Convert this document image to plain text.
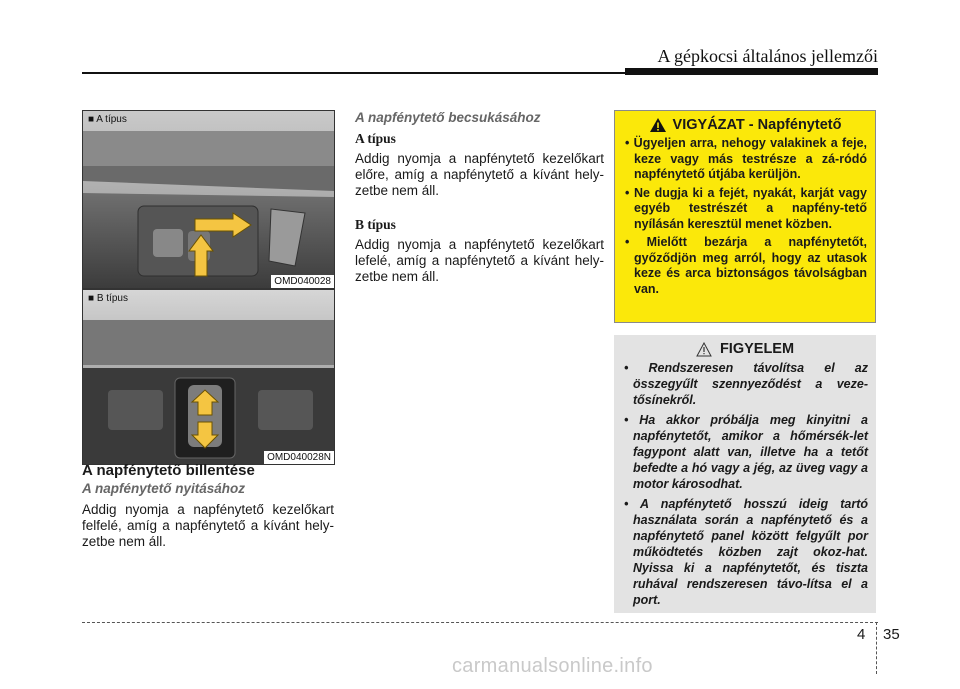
A gépkocsi általános jellemzői
■ A típus
OMD040028
■ B típus
OMD040028N
A napfénytető billentése
A napfénytető nyitásához

Addig nyomja a napfénytető kezelőkart felfelé, amíg a napfénytető a kívánt hely-zetbe nem áll.

A napfénytető becsukásához
A típus

Addig nyomja a napfénytető kezelőkart előre, amíg a napfénytető a kívánt hely-zetbe nem áll.

B típus

Addig nyomja a napfénytető kezelőkart lefelé, amíg a napfénytető a kívánt hely-zetbe nem áll.

VIGYÁZAT - Napfénytető
• Ügyeljen arra, nehogy valakinek a feje, keze vagy más testrésze a zá-ródó napfénytető útjába kerüljön.
• Ne dugja ki a fejét, nyakát, karját vagy egyéb testrészét a napfény-tető nyílásán keresztül menet közben.
• Mielőtt bezárja a napfénytetőt, győződjön meg arról, hogy az utasok keze és arca biztonságos távolságban van.
FIGYELEM
• Rendszeresen távolítsa el az összegyűlt szennyeződést a veze-tősínekről.
• Ha akkor próbálja meg kinyitni a napfénytetőt, amikor a hőmérsék-let fagypont alatt van, illetve ha a tetőt befedte a hó vagy a jég, az üveg vagy a motor károsodhat.
• A napfénytető hosszú ideig tartó használata során a napfénytető és a napfénytető panel között felgyűlt por működtetés közben zajt okoz-hat. Nyissa ki a napfénytetőt, és tiszta ruhával rendszeresen távo-lítsa el a port.
4 35
carmanualsonline.info
